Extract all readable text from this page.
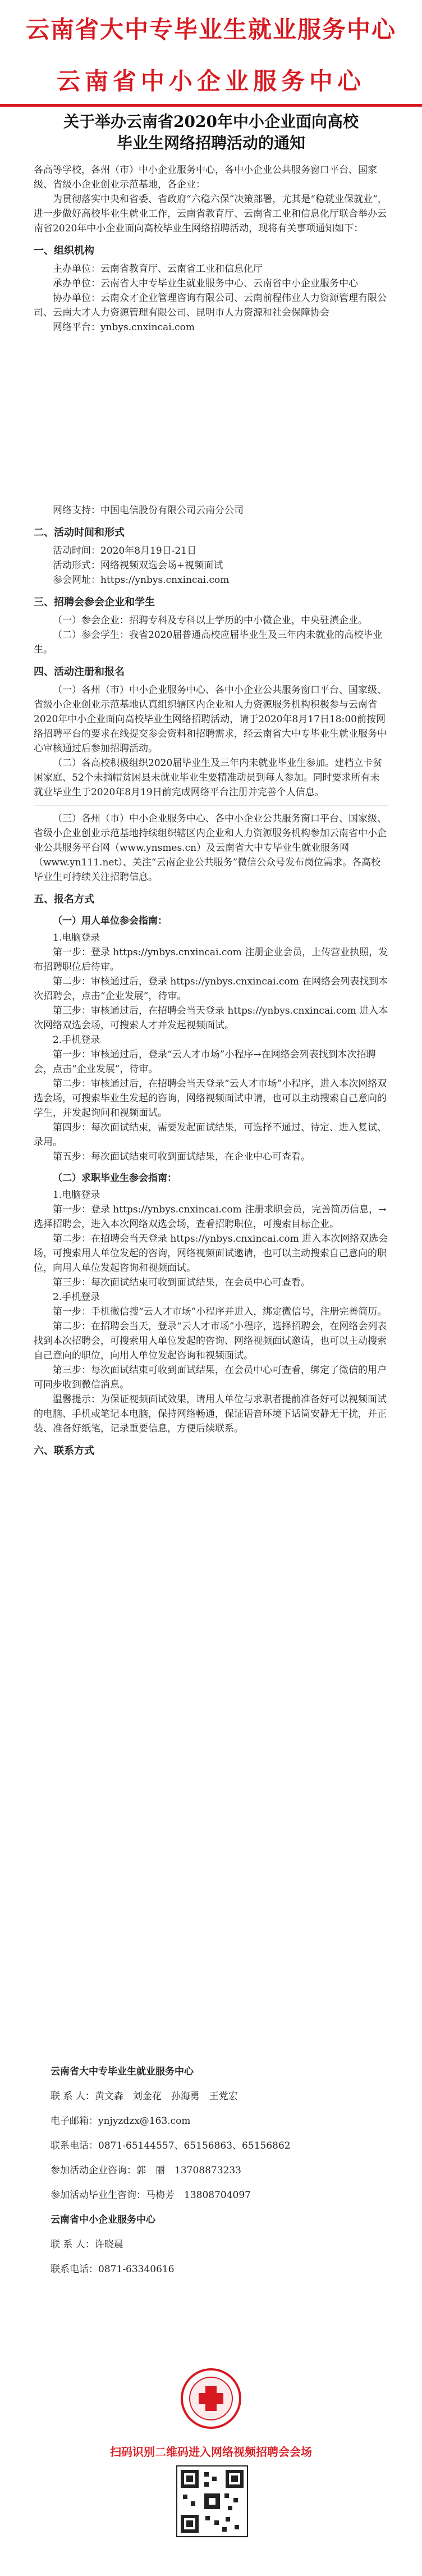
云南省大中专毕业生就业服务中心
云南省中小企业服务中心
关于举办云南省2020年中小企业面向高校
毕业生网络招聘活动的通知

各高等学校，各州（市）中小企业服务中心，各中小企业公共服务窗口平台、国家级、省级小企业创业示范基地，各企业：

为贯彻落实中央和省委、省政府“六稳六保”决策部署，尤其是“稳就业保就业”，进一步做好高校毕业生就业工作，云南省教育厅、云南省工业和信息化厅联合举办云南省2020年中小企业面向高校毕业生网络招聘活动，现将有关事项通知如下：

一、组织机构

主办单位：云南省教育厅、云南省工业和信息化厅

承办单位：云南省大中专毕业生就业服务中心、云南省中小企业服务中心

协办单位：云南众才企业管理咨询有限公司、云南前程伟业人力资源管理有限公司、云南大才人力资源管理有限公司、昆明市人力资源和社会保障协会

网络平台：ynbys.cnxincai.com

网络支持：中国电信股份有限公司云南分公司

二、活动时间和形式

活动时间：2020年8月19日-21日

活动形式：网络视频双选会场+视频面试

参会网址：https://ynbys.cnxincai.com

三、招聘会参会企业和学生

（一）参会企业：招聘专科及专科以上学历的中小微企业，中央驻滇企业。

（二）参会学生：我省2020届普通高校应届毕业生及三年内未就业的高校毕业生。

四、活动注册和报名

（一）各州（市）中小企业服务中心、各中小企业公共服务窗口平台、国家级、省级小企业创业示范基地认真组织辖区内企业和人力资源服务机构积极参与云南省2020年中小企业面向高校毕业生网络招聘活动，请于2020年8月17日18:00前按网络招聘平台的要求在线提交参会资料和招聘需求，经云南省大中专毕业生就业服务中心审核通过后参加招聘活动。

（二）各高校积极组织2020届毕业生及三年内未就业毕业生参加。建档立卡贫困家庭、52个未摘帽贫困县未就业毕业生要精准动员到每人参加。同时要求所有未就业毕业生于2020年8月19日前完成网络平台注册并完善个人信息。

（三）各州（市）中小企业服务中心、各中小企业公共服务窗口平台、国家级、省级小企业创业示范基地持续组织辖区内企业和人力资源服务机构参加云南省中小企业公共服务平台网（www.ynsmes.cn）及云南省大中专毕业生就业服务网（www.yn111.net）、关注“云南企业公共服务”微信公众号发布岗位需求。各高校毕业生可持续关注招聘信息。

五、报名方式

（一）用人单位参会指南：

1.电脑登录

第一步：登录 https://ynbys.cnxincai.com 注册企业会员，上传营业执照，发布招聘职位后待审。

第二步：审核通过后，登录 https://ynbys.cnxincai.com 在网络会列表找到本次招聘会，点击“企业发展”，待审。

第三步：审核通过后，在招聘会当天登录 https://ynbys.cnxincai.com 进入本次网络双选会场，可搜索人才并发起视频面试。

2.手机登录

第一步：审核通过后，登录“云人才市场”小程序→在网络会列表找到本次招聘会，点击“企业发展”，待审。

第二步：审核通过后，在招聘会当天登录“云人才市场”小程序，进入本次网络双选会场，可搜索毕业生发起的咨询，网络视频面试申请，也可以主动搜索自己意向的学生，并发起询问和视频面试。

第四步：每次面试结束，需要发起面试结果，可选择不通过、待定、进入复试、录用。

第五步：每次面试结束可收到面试结果，在企业中心可查看。

（二）求职毕业生参会指南：

1.电脑登录

第一步：登录 https://ynbys.cnxincai.com 注册求职会员，完善简历信息，→选择招聘会，进入本次网络双选会场，查看招聘职位，可搜索目标企业。

第二步：在招聘会当天登录 https://ynbys.cnxincai.com 进入本次网络双选会场，可搜索用人单位发起的咨询，网络视频面试邀请，也可以主动搜索自己意向的职位，向用人单位发起咨询和视频面试。

第三步：每次面试结束可收到面试结果，在会员中心可查看。

2.手机登录

第一步：手机微信搜“云人才市场”小程序并进入，绑定微信号，注册完善简历。

第二步：在招聘会当天，登录“云人才市场”小程序，选择招聘会，在网络会列表找到本次招聘会，可搜索用人单位发起的咨询、网络视频面试邀请，也可以主动搜索自己意向的职位，向用人单位发起咨询和视频面试。

第三步：每次面试结束可收到面试结果，在会员中心可查看，绑定了微信的用户可同步收到微信消息。

温馨提示：为保证视频面试效果，请用人单位与求职者提前准备好可以视频面试的电脑、手机或笔记本电脑，保持网络畅通，保证语音环境下话筒安静无干扰，并正装、准备好纸笔，记录重要信息，方便后续联系。

六、联系方式

云南省大中专毕业生就业服务中心

联 系 人：黄文森　刘金花　孙海勇　王党宏

电子邮箱：ynjyzdzx@163.com

联系电话：0871-65144557、65156863、65156862

参加活动企业咨询：郭　丽　13708873233

参加活动毕业生咨询：马梅芳　13808704097

云南省中小企业服务中心

联 系 人：许晓晨

联系电话：0871-63340616

扫码识别二维码进入网络视频招聘会会场
